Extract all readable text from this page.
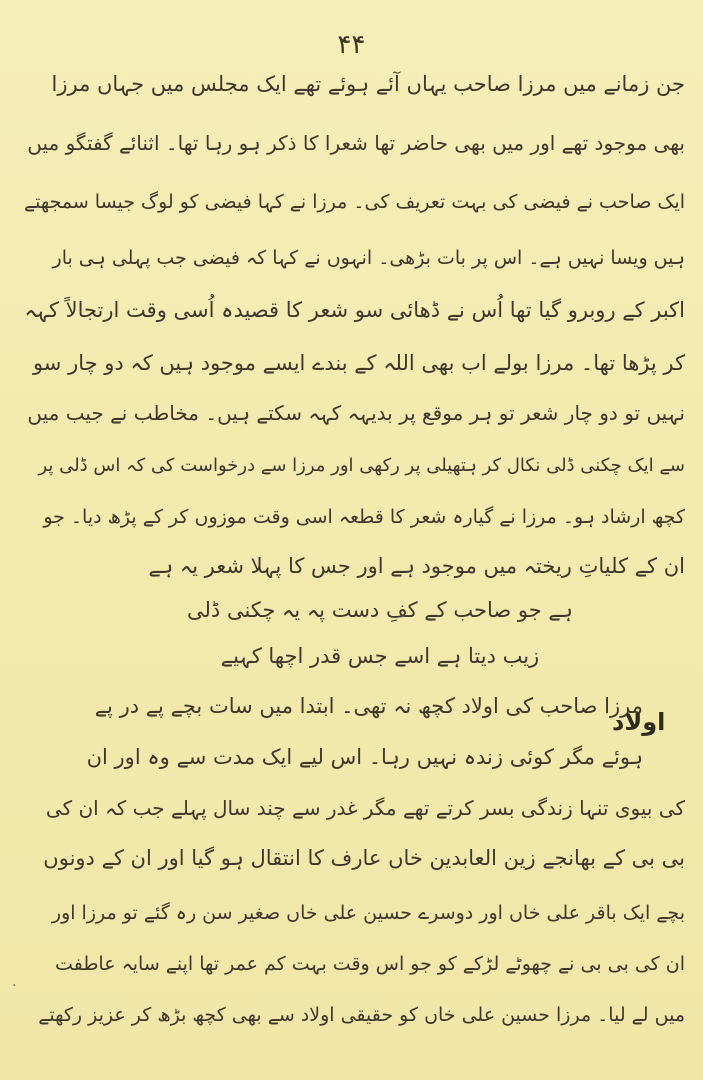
۴۴
جن زمانے میں مرزا صاحب یہاں آئے ہوئے تھے ایک مجلس میں جہاں مرزا
بھی موجود تھے اور میں بھی حاضر تھا شعرا کا ذکر ہو رہا تھا۔ اثنائے گفتگو میں
ایک صاحب نے فیضی کی بہت تعریف کی۔ مرزا نے کہا فیضی کو لوگ جیسا سمجھتے
ہیں ویسا نہیں ہے۔ اس پر بات بڑھی۔ انہوں نے کہا کہ فیضی جب پہلی ہی بار
اکبر کے روبرو گیا تھا اُس نے ڈھائی سو شعر کا قصیدہ اُسی وقت ارتجالاً کہہ
کر پڑھا تھا۔ مرزا بولے اب بھی اللہ کے بندے ایسے موجود ہیں کہ دو چار سو
نہیں تو دو چار شعر تو ہر موقع پر بدیہہ کہہ سکتے ہیں۔ مخاطب نے جیب میں
سے ایک چکنی ڈلی نکال کر ہتھیلی پر رکھی اور مرزا سے درخواست کی کہ اس ڈلی پر
کچھ ارشاد ہو۔ مرزا نے گیارہ شعر کا قطعہ اسی وقت موزوں کر کے پڑھ دیا۔ جو
ان کے کلیاتِ ریختہ میں موجود ہے اور جس کا پہلا شعر یہ ہے
ہے جو صاحب کے کفِ دست پہ یہ چکنی ڈلی
زیب دیتا ہے اسے جس قدر اچھا کہیے
اولاد
مرزا صاحب کی اولاد کچھ نہ تھی۔ ابتدا میں سات بچے پے در پے
ہوئے مگر کوئی زندہ نہیں رہا۔ اس لیے ایک مدت سے وہ اور ان
کی بیوی تنہا زندگی بسر کرتے تھے مگر غدر سے چند سال پہلے جب کہ ان کی
بی بی کے بھانجے زین العابدین خاں عارف کا انتقال ہو گیا اور ان کے دونوں
بچے ایک باقر علی خاں اور دوسرے حسین علی خاں صغیر سن رہ گئے تو مرزا اور
ان کی بی بی نے چھوٹے لڑکے کو جو اس وقت بہت کم عمر تھا اپنے سایہ عاطفت
میں لے لیا۔ مرزا حسین علی خاں کو حقیقی اولاد سے بھی کچھ بڑھ کر عزیز رکھتے
·
